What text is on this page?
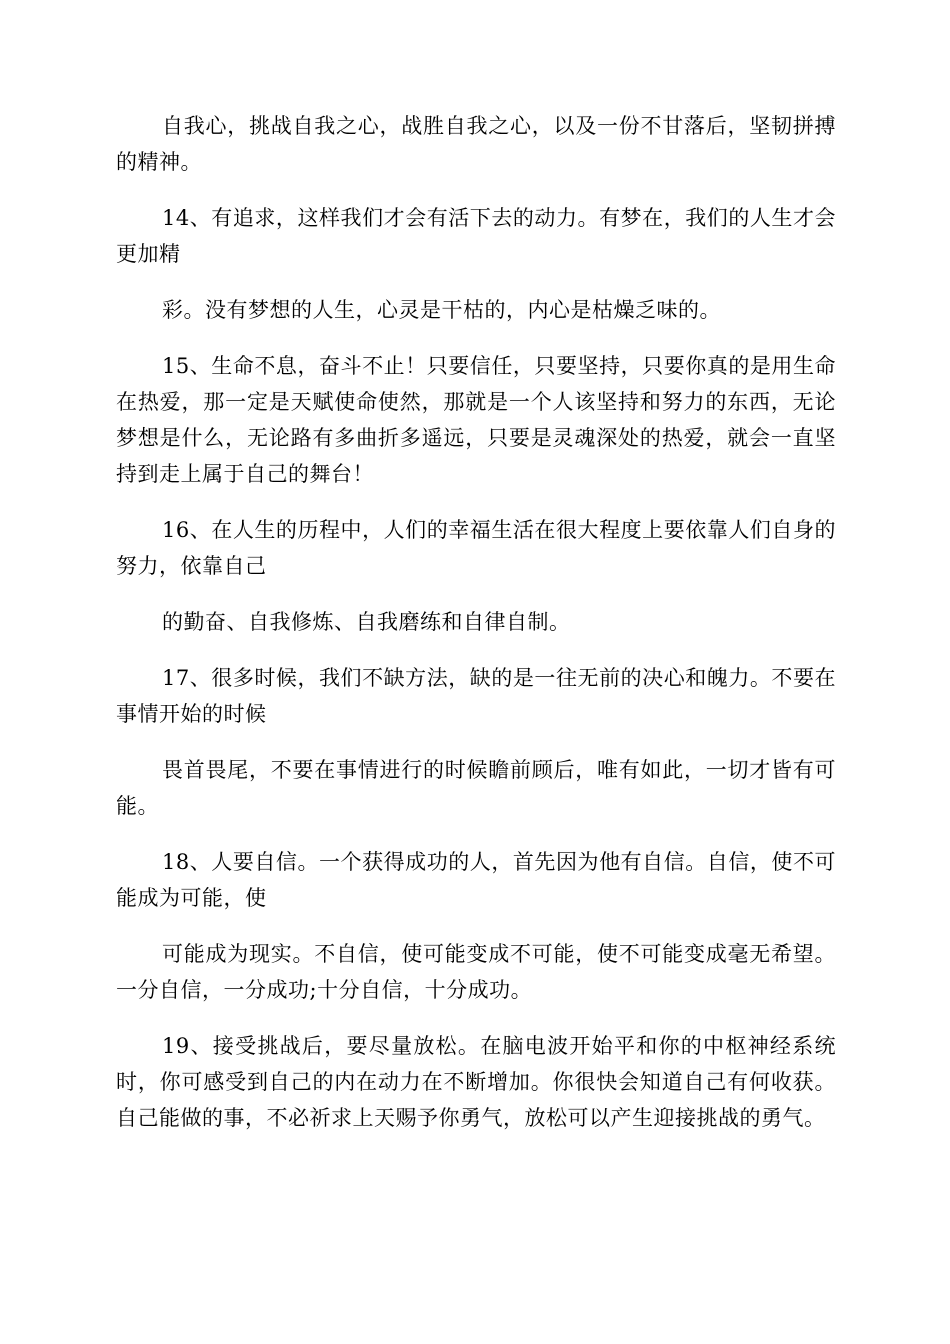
自我心，挑战自我之心，战胜自我之心，以及一份不甘落后，坚韧拼搏的精神。

14、有追求，这样我们才会有活下去的动力。有梦在，我们的人生才会更加精

彩。没有梦想的人生，心灵是干枯的，内心是枯燥乏味的。

15、生命不息，奋斗不止！只要信任，只要坚持，只要你真的是用生命在热爱，那一定是天赋使命使然，那就是一个人该坚持和努力的东西，无论梦想是什么，无论路有多曲折多遥远，只要是灵魂深处的热爱，就会一直坚持到走上属于自己的舞台！

16、在人生的历程中，人们的幸福生活在很大程度上要依靠人们自身的努力，依靠自己

的勤奋、自我修炼、自我磨练和自律自制。

17、很多时候，我们不缺方法，缺的是一往无前的决心和魄力。不要在事情开始的时候

畏首畏尾，不要在事情进行的时候瞻前顾后，唯有如此，一切才皆有可能。

18、人要自信。一个获得成功的人，首先因为他有自信。自信，使不可能成为可能，使

可能成为现实。不自信，使可能变成不可能，使不可能变成毫无希望。一分自信，一分成功;十分自信，十分成功。

19、接受挑战后，要尽量放松。在脑电波开始平和你的中枢神经系统时，你可感受到自己的内在动力在不断增加。你很快会知道自己有何收获。自己能做的事，不必祈求上天赐予你勇气，放松可以产生迎接挑战的勇气。
